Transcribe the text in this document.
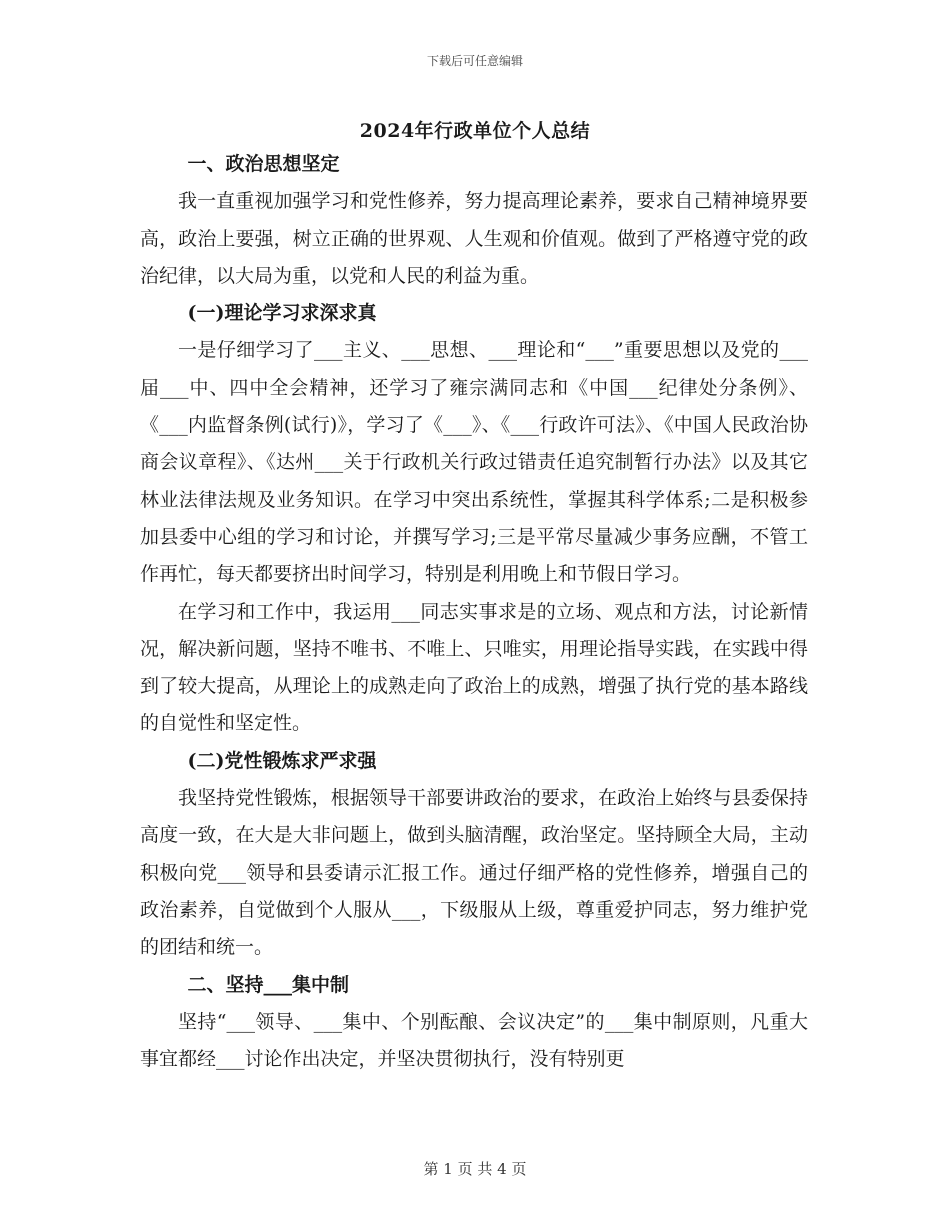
下载后可任意编辑
2024年行政单位个人总结

一、政治思想坚定

我一直重视加强学习和党性修养，努力提高理论素养，要求自己精神境界要高，政治上要强，树立正确的世界观、人生观和价值观。做到了严格遵守党的政治纪律，以大局为重，以党和人民的利益为重。

(一)理论学习求深求真

一是仔细学习了___主义、___思想、___理论和“___”重要思想以及党的___届___中、四中全会精神，还学习了雍宗满同志和《中国___纪律处分条例》、《___内监督条例(试行)》，学习了《___》、《___行政许可法》、《中国人民政治协商会议章程》、《达州___关于行政机关行政过错责任追究制暂行办法》以及其它林业法律法规及业务知识。在学习中突出系统性，掌握其科学体系;二是积极参加县委中心组的学习和讨论，并撰写学习;三是平常尽量减少事务应酬，不管工作再忙，每天都要挤出时间学习，特别是利用晚上和节假日学习。

在学习和工作中，我运用___同志实事求是的立场、观点和方法，讨论新情况，解决新问题，坚持不唯书、不唯上、只唯实，用理论指导实践，在实践中得到了较大提高，从理论上的成熟走向了政治上的成熟，增强了执行党的基本路线的自觉性和坚定性。

(二)党性锻炼求严求强

我坚持党性锻炼，根据领导干部要讲政治的要求，在政治上始终与县委保持高度一致，在大是大非问题上，做到头脑清醒，政治坚定。坚持顾全大局，主动积极向党___领导和县委请示汇报工作。通过仔细严格的党性修养，增强自己的政治素养，自觉做到个人服从___，下级服从上级，尊重爱护同志，努力维护党的团结和统一。

二、坚持___集中制

坚持“___领导、___集中、个别酝酿、会议决定”的___集中制原则，凡重大事宜都经___讨论作出决定，并坚决贯彻执行，没有特别更

第 1 页 共 4 页
